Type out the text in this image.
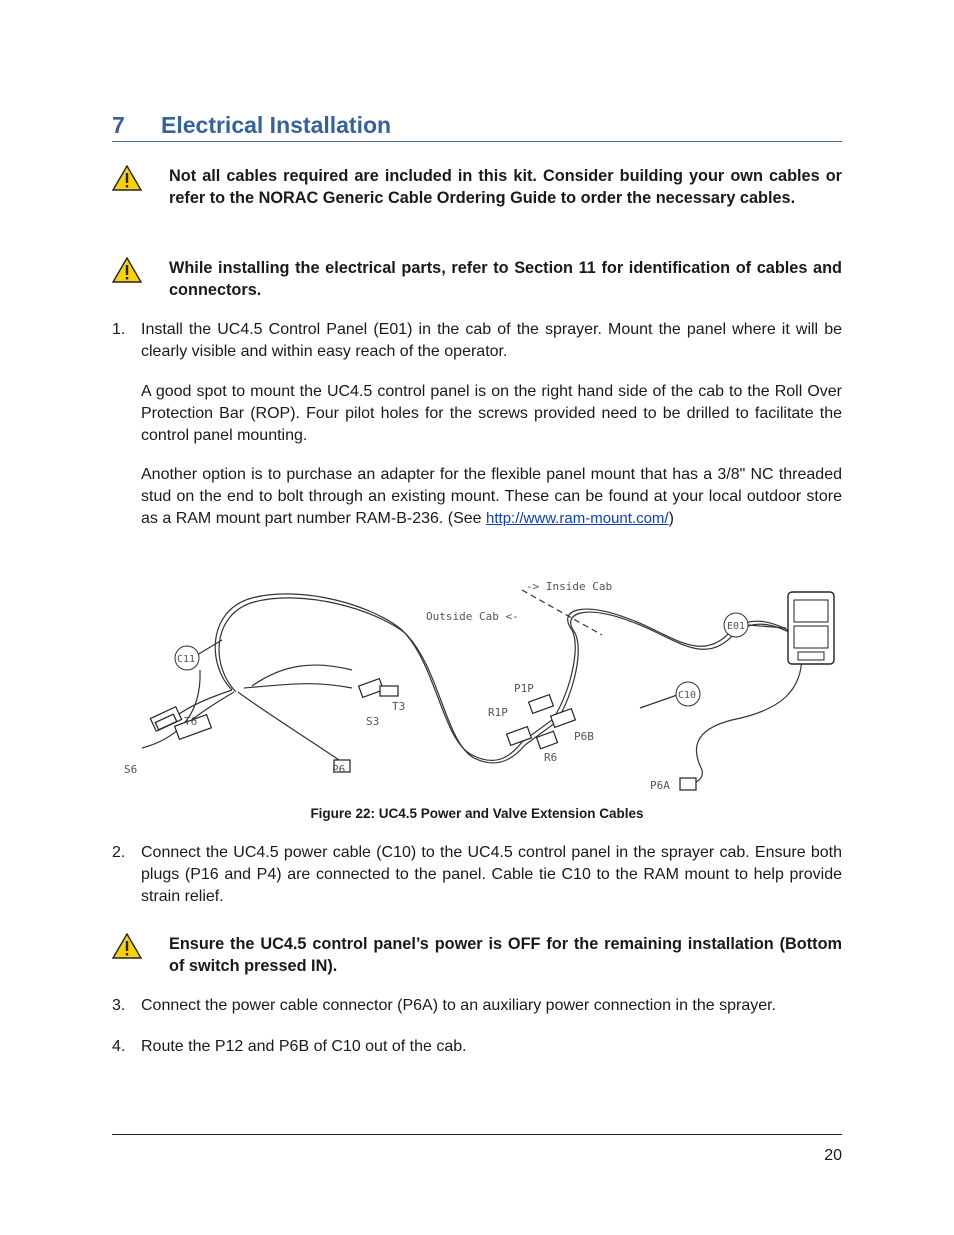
7 Electrical Installation
Not all cables required are included in this kit. Consider building your own cables or refer to the NORAC Generic Cable Ordering Guide to order the necessary cables.
While installing the electrical parts, refer to Section 11 for identification of cables and connectors.
1. Install the UC4.5 Control Panel (E01) in the cab of the sprayer. Mount the panel where it will be clearly visible and within easy reach of the operator.
A good spot to mount the UC4.5 control panel is on the right hand side of the cab to the Roll Over Protection Bar (ROP). Four pilot holes for the screws provided need to be drilled to facilitate the control panel mounting.
Another option is to purchase an adapter for the flexible panel mount that has a 3/8" NC threaded stud on the end to bolt through an existing mount. These can be found at your local outdoor store as a RAM mount part number RAM-B-236. (See http://www.ram-mount.com/)
-> Inside Cab
Outside Cab <-
E01
C11
C10
T6
T3
S3
S6	P6
P1P
R1P
P6B
R6
P6A
Figure 22: UC4.5 Power and Valve Extension Cables
2. Connect the UC4.5 power cable (C10) to the UC4.5 control panel in the sprayer cab. Ensure both plugs (P16 and P4) are connected to the panel. Cable tie C10 to the RAM mount to help provide strain relief.
Ensure the UC4.5 control panel’s power is OFF for the remaining installation (Bottom of switch pressed IN).
3. Connect the power cable connector (P6A) to an auxiliary power connection in the sprayer.
4. Route the P12 and P6B of C10 out of the cab.
20
